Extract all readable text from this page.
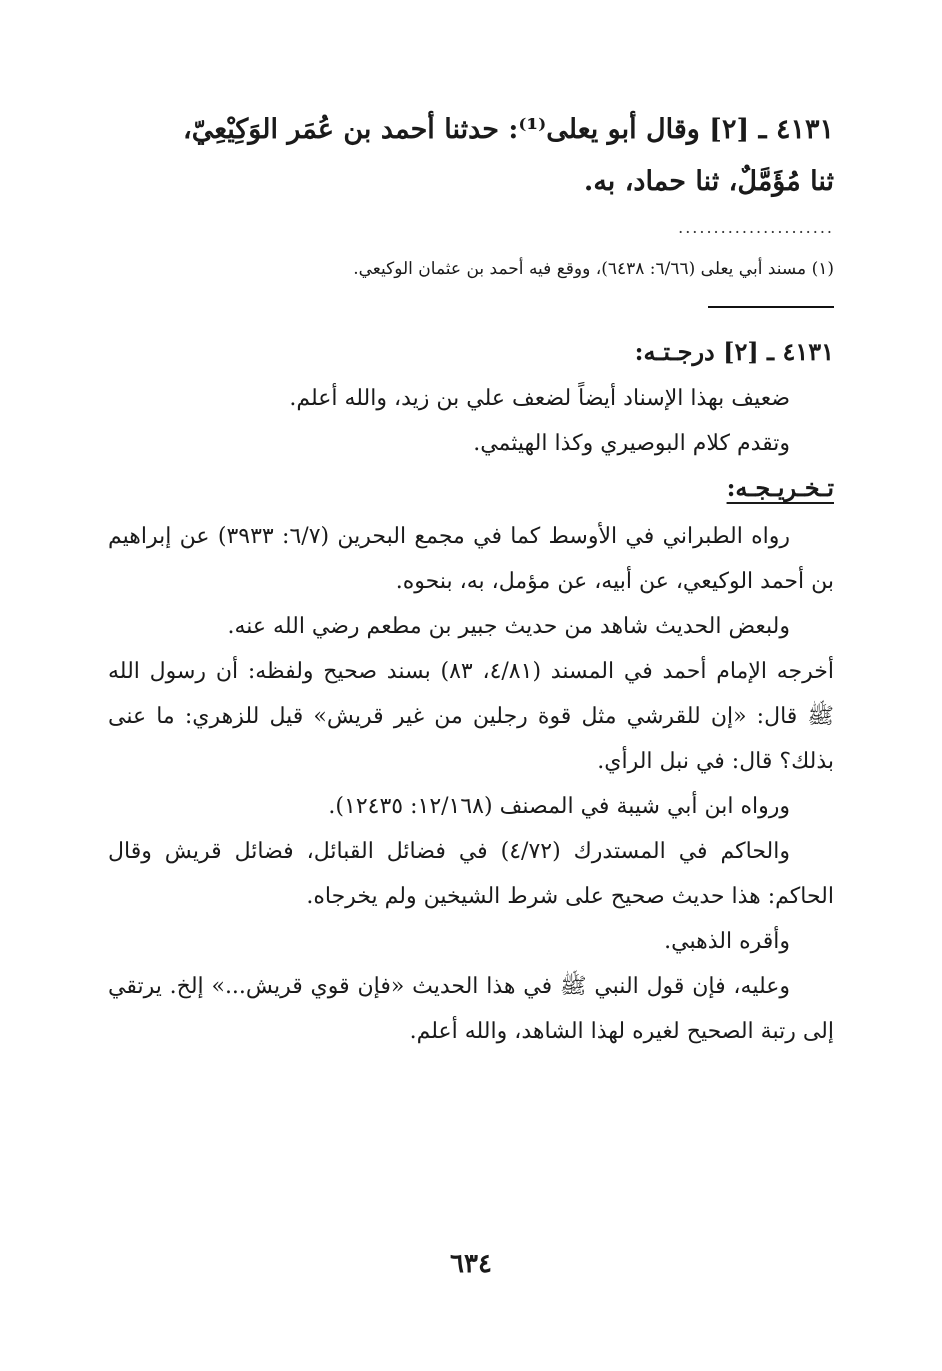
٤١٣١ ـ [٢] وقال أبو يعلى⁽¹⁾: حدثنا أحمد بن عُمَر الوَكِيْعِيّ،
ثنا مُؤَمَّلٌ، ثنا حماد، به.
......................
(١) مسند أبي يعلى (٦/٦٦: ٦٤٣٨)، ووقع فيه أحمد بن عثمان الوكيعي.
٤١٣١ ـ [٢] درجـتـه:

ضعيف بهذا الإسناد أيضاً لضعف علي بن زيد، والله أعلم.

وتقدم كلام البوصيري وكذا الهيثمي.

تـخـريـجـه:

رواه الطبراني في الأوسط كما في مجمع البحرين (٦/٧: ٣٩٣٣) عن إبراهيم بن أحمد الوكيعي، عن أبيه، عن مؤمل، به، بنحوه.

ولبعض الحديث شاهد من حديث جبير بن مطعم رضي الله عنه.

أخرجه الإمام أحمد في المسند (٤/٨١، ٨٣) بسند صحيح ولفظه: أن رسول الله ﷺ قال: «إن للقرشي مثل قوة رجلين من غير قريش» قيل للزهري: ما عنى بذلك؟ قال: في نبل الرأي.

ورواه ابن أبي شيبة في المصنف (١٢/١٦٨: ١٢٤٣٥).

والحاكم في المستدرك (٤/٧٢) في فضائل القبائل، فضائل قريش وقال الحاكم: هذا حديث صحيح على شرط الشيخين ولم يخرجاه.

وأقره الذهبي.

وعليه، فإن قول النبي ﷺ في هذا الحديث «فإن قوي قريش...» إلخ. يرتقي إلى رتبة الصحيح لغيره لهذا الشاهد، والله أعلم.

٦٣٤
